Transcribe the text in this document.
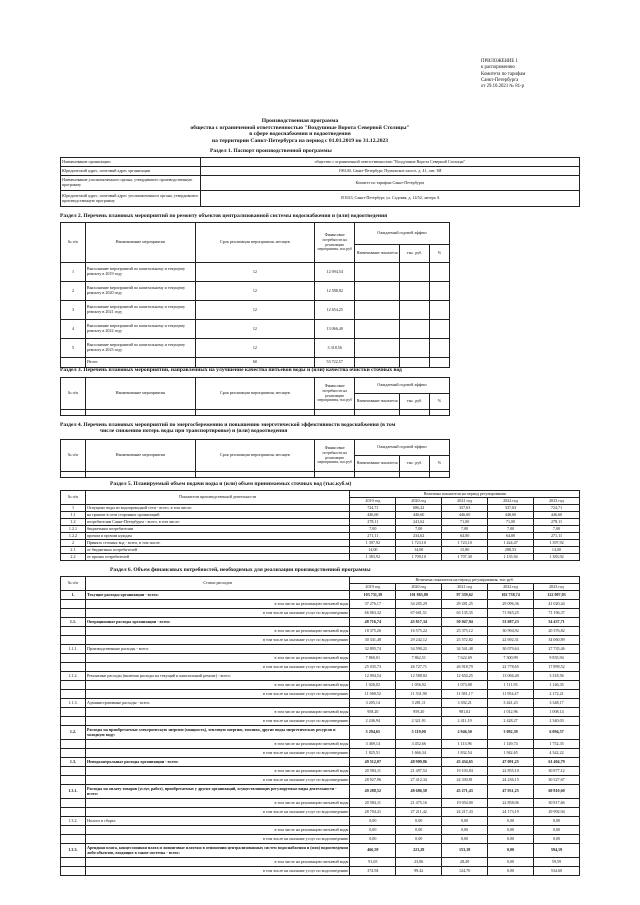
ПРИЛОЖЕНИЕ 1
к распоряжению
Комитета по тарифам
Санкт-Петербурга
от 29.10.2021 № 81-р
Производственная программа
общества с ограниченной ответственностью "Воздушные Ворота Северной Столицы"
в сфере водоснабжения и водоотведения
на территории Санкт-Петербурга на период с 01.01.2019 по 31.12.2023
Раздел 1. Паспорт производственной программы
Наименование организации	общество с ограниченной ответственностью "Воздушные Ворота Северной Столицы"
Юридический адрес, почтовый адрес организации	196140, Санкт-Петербург, Пулковское шоссе, д. 41, лит. ЗИ
Наименование уполномоченного органа, утвердившего производственную программу	Комитет по тарифам Санкт-Петербурга
Юридический адрес, почтовый адрес уполномоченного органа, утвердившего производственную программу	191023, Санкт-Петербург, ул. Садовая, д. 14/52, литера А
Раздел 2. Перечень плановых мероприятий по ремонту объектов централизованной системы водоснабжения и (или) водоотведения
№ п/п	Наименование мероприятия	Срок реализации мероприятия, месяцев	Финансовые потребности на реализацию мероприятия, тыс.руб	Ожидаемый годовой эффект		
				Наименование показателя	тыс. руб.	%
1	Выполнение мероприятий по капитальному и текущему ремонту в 2019 году	12	12 094,54			
2	Выполнение мероприятий по капитальному и текущему ремонту в 2020 году	12	12 588,82			
3	Выполнение мероприятий по капитальному и текущему ремонту в 2021 году	12	12 654,25			
4	Выполнение мероприятий по капитальному и текущему ремонту в 2022 году	12	13 066,40			
5	Выполнение мероприятий по капитальному и текущему ремонту в 2023 году	12	3 318,56			
	Итого:	60	53 722,57			
Раздел 3. Перечень плановых мероприятий, направленных на улучшение качества питьевой воды и (или) качества очистки сточных вод
№ п/п	Наименование мероприятия	Срок реализации мероприятия, месяцев	Финансовые потребности на реализацию мероприятия, тыс.руб	Ожидаемый годовой эффект		
				Наименование показателя	тыс. руб.	%

Раздел 4. Перечень плановых мероприятий по энергосбережению и повышению энергетической эффективности водоснабжения (в том
числе снижению потерь воды при транспортировке) и (или) водоотведения
№ п/п	Наименование мероприятия	Срок реализации мероприятия, месяцев	Финансовые потребности на реализацию мероприятия, тыс.руб	Ожидаемый годовой эффект		
				Наименование показателя	тыс. руб.	%

Раздел 5. Планируемый объем подачи воды и (или) объем принимаемых сточных вод (тыс.куб.м)
№ п/п	Показатели производственной деятельности	Величина показателя на период регулирования				
		2019 год	2020 год	2021 год	2022 год	2023 год
1	Отпущено воды из водопроводной сети - всего, в том числе:	724,71	686,22	337,63	337,63	724,71
1.1	на транзит в сети сторонних организаций	446,60	446,60	446,60	446,60	446,60
1.2	потребителям Санкт-Петербурга - всего, в том числе:	278,11	241,62	71,00	71,00	278,11
1.2.1	бюджетным потребителям	7,00	7,00	7,00	7,00	7,00
1.2.2	прочим и прочим нуждам	271,11	234,62	64,00	64,00	271,11
2	Принято сточных вод - всего, в том числе:	1 397,92	1 723,10	1 723,10	1 424,47	1 397,92
2.1	от бюджетных потребителей	14,00	14,00	15,80	288,53	14,00
2.2	от прочих потребителей	1 383,92	1 709,10	1 707,30	1 135,94	1 383,92
Раздел 6. Объем финансовых потребностей, необходимых для реализации производственной программы
№ п/п	Статьи расходов	Величина показателя на период регулирования, тыс.руб.				
		2019 год	2020 год	2021 год	2022 год	2023 год
1.	Текущие расходы организации - всего:	103 731,39	101 865,80	97 339,62	102 738,74	122 007,03
	в том числе на реализацию питьевой воды	37 276,17	34 205,29	29 281,25	29 096,36	41 020,44
	в том числе на оказание услуг по водоотведению	66 063,32	67 661,51	63 135,35	71 845,25	71 196,37
1.1.	Операционные расходы организации - всего:	48 716,74	45 817,34	50 947,94	53 687,23	54 437,71
	в том числе на реализацию питьевой воды	18 375,26	16 575,22	25 375,12	30 994,92	20 376,82
	в том числе на оказание услуг по водоотведению	30 341,48	29 242,12	25 572,82	22 692,31	34 060,89
1.1.1.	Производственные расходы - всего:	32 895,74	34 590,22	34 541,48	30 079,64	27 735,46
	в том числе на реализацию питьевой воды	7 860,01	7 862,51	7 622,69	7 300,99	9 835,94
	в том числе на оказание услуг по водоотведению	25 035,73	26 727,71	26 918,79	22 778,65	17 899,52
1.1.2.	Ремонтные расходы (включая расходы на текущий и капитальный ремонт) - всего:	12 094,54	12 588,82	12 654,25	13 066,40	3 318,56
	в том числе на реализацию питьевой воды	1 026,02	1 056,92	1 073,08	1 111,93	1 146,35
	в том числе на оказание услуг по водоотведению	11 068,52	11 531,90	11 581,17	11 954,47	2 172,21
1.1.3.	Административные расходы - всего:	3 205,14	3 281,11	3 392,21	3 441,23	3 348,17
	в том числе на реализацию питьевой воды	958,20	959,20	981,02	1 012,96	1 008,14
	в том числе на оказание услуг по водоотведению	2 246,94	2 321,91	2 411,19	2 428,27	2 340,03
1.2.	Расходы на приобретаемые электрическую энергию (мощность), тепловую энергию, топливо, другие виды энергетических ресурсов и холодную воду:	5 294,65	5 119,00	2 946,50	3 092,39	6 094,57
	в том числе на реализацию питьевой воды	3 469,14	3 452,66	1 113,96	1 149,74	1 752,35
	в том числе на оказание услуг по водоотведению	1 825,51	1 666,34	1 832,54	1 942,65	4 342,22
1.3.	Неподконтрольные расходы организации - всего:	49 512,07	48 909,86	43 434,65	47 091,25	61 404,79
	в том числе на реализацию питьевой воды	20 584,11	21 497,52	19 103,84	22 855,10	30 877,12
	в том числе на оказание услуг по водоотведению	28 927,96	27 412,34	24 330,81	24 236,15	30 527,67
1.3.1.	Расходы на оплату товаров (услуг, работ), приобретаемых у других организаций, осуществляющих регулируемые виды деятельности - всего:	49 288,52	48 686,58	43 271,43	47 031,25	60 810,60
	в том числе на реализацию питьевой воды	20 584,11	21 475,16	19 054,00	22 858,06	30 817,66
	в том числе на оказание услуг по водоотведению	28 704,41	27 211,42	24 217,43	24 173,19	29 992,94
1.3.2.	Налоги и сборы:	0,00	0,00	0,00	0,00	0,00
	в том числе на реализацию питьевой воды	0,00	0,00	0,00	0,00	0,00
	в том числе на оказание услуг по водоотведению	0,00	0,00	0,00	0,00	0,00
1.3.3.	Арендная плата, концессионная плата и лизинговые платежи в отношении централизованных систем водоснабжения и (или) водоотведения либо объектов, входящих в такие системы - всего:	466,59	223,28	153,18	0,00	594,19
	в том числе на реализацию питьевой воды	91,65	23,86	28,49	0,00	59,59
	в том числе на оказание услуг по водоотведению	374,94	99,42	124,70	0,00	534,60
